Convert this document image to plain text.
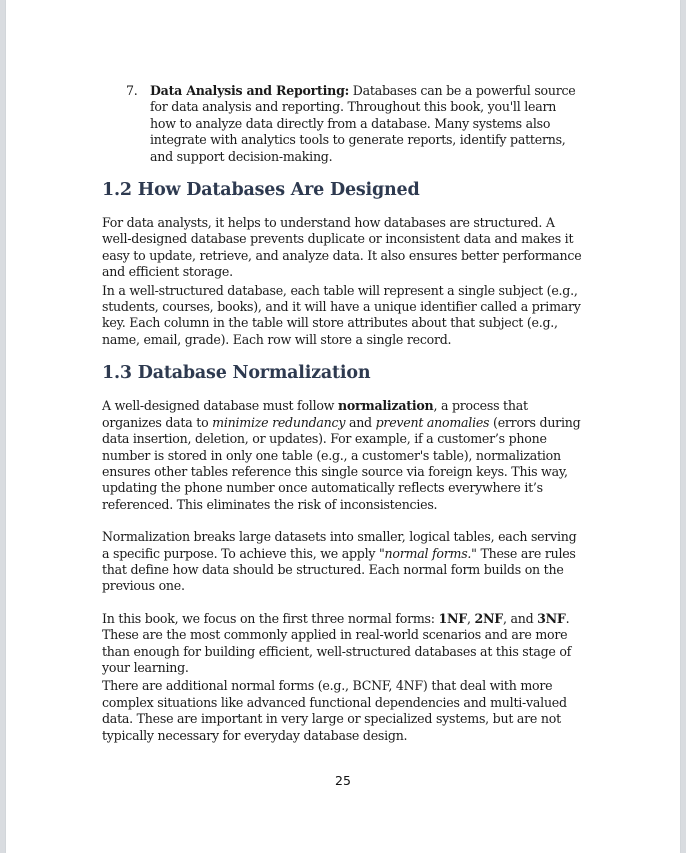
7. Data Analysis and Reporting: Databases can be a powerful source for data analysis and reporting. Throughout this book, you'll learn how to analyze data directly from a database. Many systems also integrate with analytics tools to generate reports, identify patterns, and support decision-making.
1.2 How Databases Are Designed

For data analysts, it helps to understand how databases are structured. A well-designed database prevents duplicate or inconsistent data and makes it easy to update, retrieve, and analyze data. It also ensures better performance and efficient storage.

In a well-structured database, each table will represent a single subject (e.g., students, courses, books), and it will have a unique identifier called a primary key. Each column in the table will store attributes about that subject (e.g., name, email, grade). Each row will store a single record.

1.3 Database Normalization

A well-designed database must follow normalization, a process that organizes data to minimize redundancy and prevent anomalies (errors during data insertion, deletion, or updates). For example, if a customer’s phone number is stored in only one table (e.g., a customer's table), normalization ensures other tables reference this single source via foreign keys. This way, updating the phone number once automatically reflects everywhere it’s referenced. This eliminates the risk of inconsistencies.

Normalization breaks large datasets into smaller, logical tables, each serving a specific purpose. To achieve this, we apply "normal forms." These are rules that define how data should be structured. Each normal form builds on the previous one.

In this book, we focus on the first three normal forms: 1NF, 2NF, and 3NF. These are the most commonly applied in real-world scenarios and are more than enough for building efficient, well-structured databases at this stage of your learning.

There are additional normal forms (e.g., BCNF, 4NF) that deal with more complex situations like advanced functional dependencies and multi-valued data. These are important in very large or specialized systems, but are not typically necessary for everyday database design.

25
